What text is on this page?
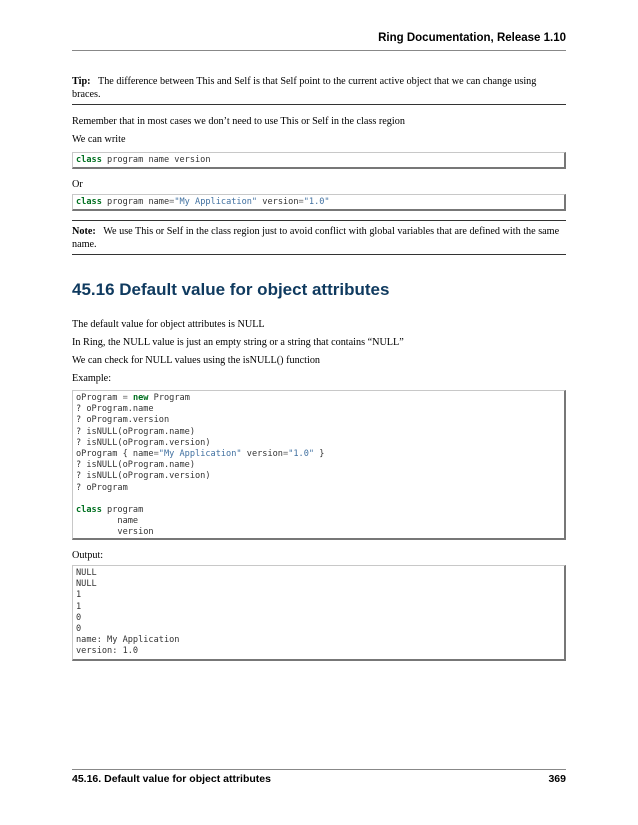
Ring Documentation, Release 1.10
Tip: The difference between This and Self is that Self point to the current active object that we can change using braces.
Remember that in most cases we don’t need to use This or Self in the class region
We can write
class program name version
Or
class program name="My Application" version="1.0"
Note: We use This or Self in the class region just to avoid conflict with global variables that are defined with the same name.
45.16 Default value for object attributes
The default value for object attributes is NULL
In Ring, the NULL value is just an empty string or a string that contains “NULL”
We can check for NULL values using the isNULL() function
Example:
oProgram = new Program
? oProgram.name
? oProgram.version
? isNULL(oProgram.name)
? isNULL(oProgram.version)
oProgram { name="My Application" version="1.0" }
? isNULL(oProgram.name)
? isNULL(oProgram.version)
? oProgram

class program
name
version
Output:
NULL
NULL
1
1
0
0
name: My Application
version: 1.0
45.16. Default value for object attributes	369
